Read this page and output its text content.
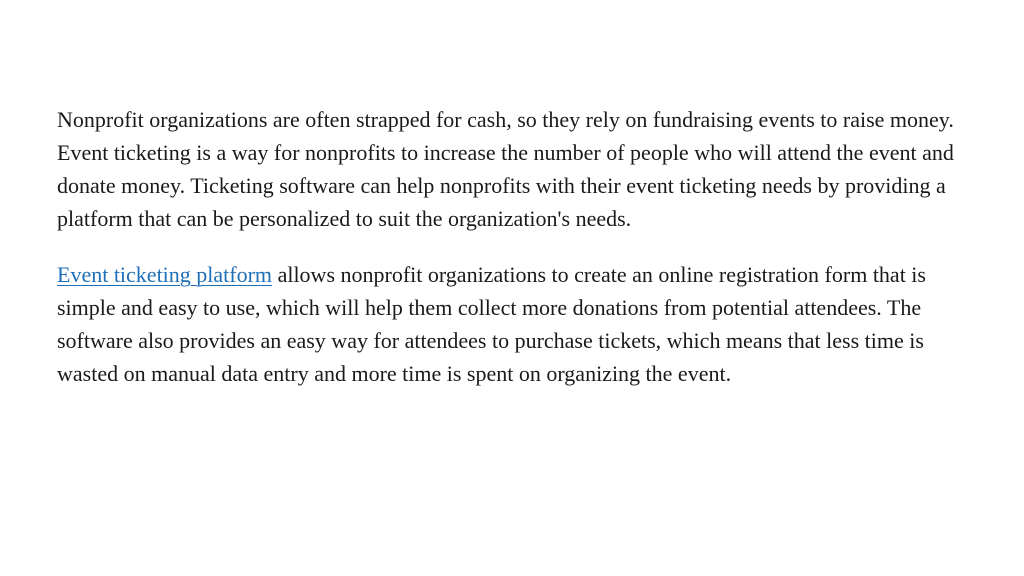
Nonprofit organizations are often strapped for cash, so they rely on fundraising events to raise money. Event ticketing is a way for nonprofits to increase the number of people who will attend the event and donate money. Ticketing software can help nonprofits with their event ticketing needs by providing a platform that can be personalized to suit the organization's needs.

Event ticketing platform allows nonprofit organizations to create an online registration form that is simple and easy to use, which will help them collect more donations from potential attendees. The software also provides an easy way for attendees to purchase tickets, which means that less time is wasted on manual data entry and more time is spent on organizing the event.
